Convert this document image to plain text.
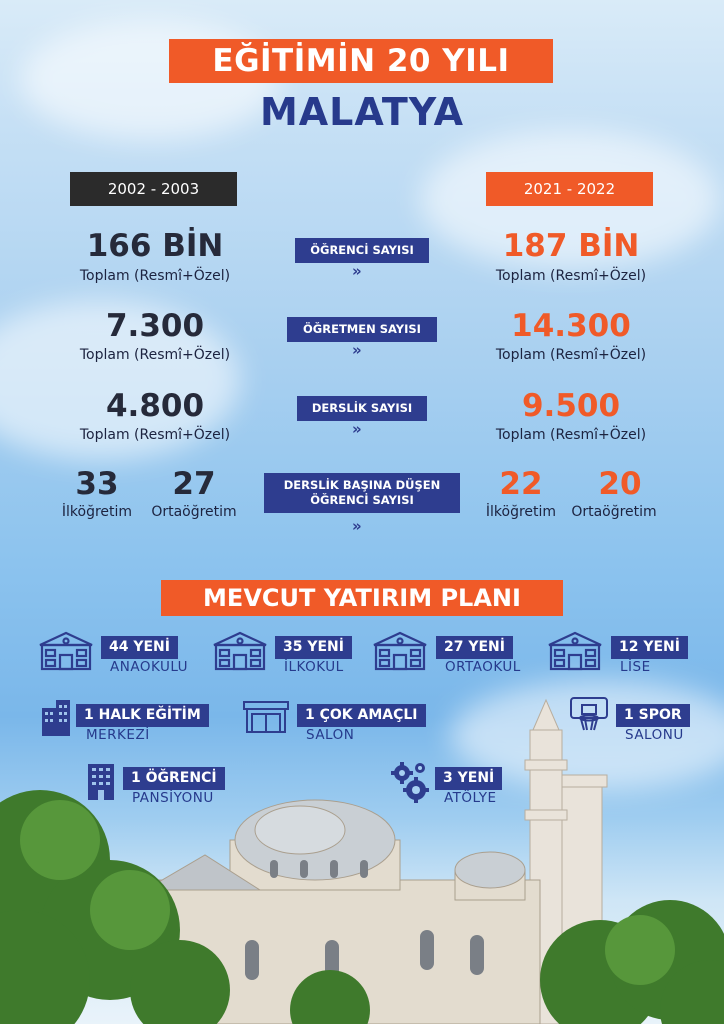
EĞİTİMİN 20 YILI
MALATYA
2002 - 2003	2021 - 2022
166 BİN
Toplam (Resmî+Özel)
ÖĞRENCİ SAYISI
»
187 BİN
Toplam (Resmî+Özel)
7.300
Toplam (Resmî+Özel)
ÖĞRETMEN SAYISI
»
14.300
Toplam (Resmî+Özel)
4.800
Toplam (Resmî+Özel)
DERSLİK SAYISI
»
9.500
Toplam (Resmî+Özel)
33
İlköğretim
27
Ortaöğretim
DERSLİK BAŞINA DÜŞEN
ÖĞRENCİ SAYISI
»
22
İlköğretim
20
Ortaöğretim
MEVCUT YATIRIM PLANI
44 YENİ
ANAOKULU
35 YENİ
İLKOKUL
27 YENİ
ORTAOKUL
12 YENİ
LİSE
1 HALK EĞİTİM
MERKEZİ
1 ÇOK AMAÇLI
SALON
1 SPOR
SALONU
1 ÖĞRENCİ
PANSİYONU
3 YENİ
ATÖLYE
